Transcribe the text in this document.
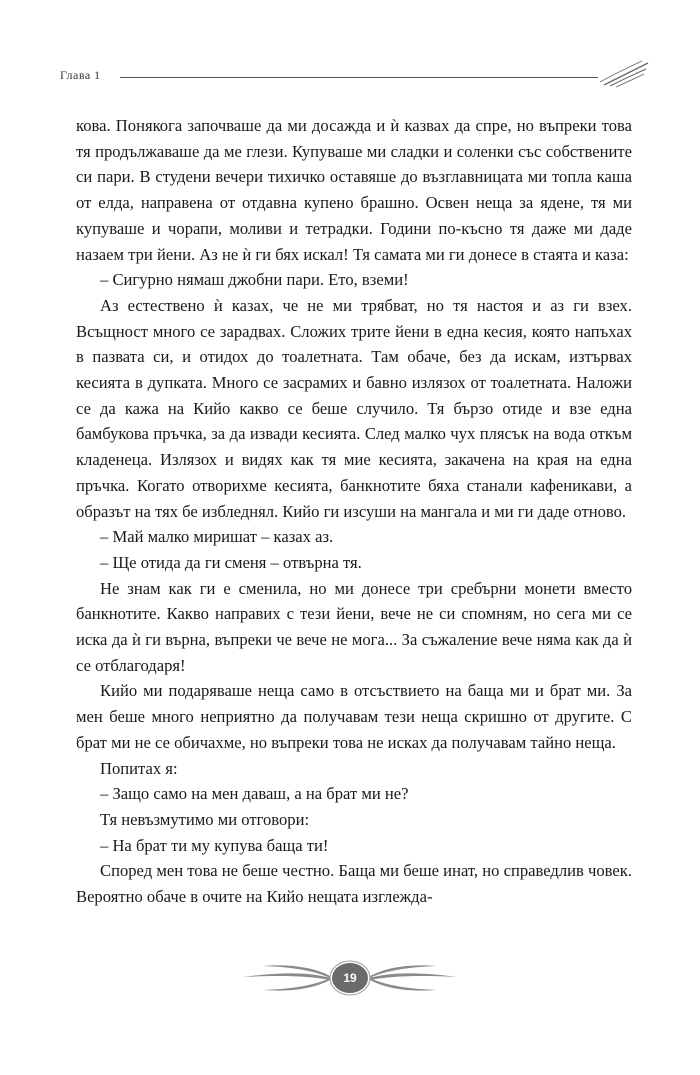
Глава 1

кова. Понякога започваше да ми досажда и ѝ казвах да спре, но въпреки това тя продължаваше да ме глези. Купуваше ми сладки и соленки със собствените си пари. В студени вечери тихичко оставяше до възглавницата ми топла каша от елда, направена от отдавна купено брашно. Освен неща за ядене, тя ми купуваше и чорапи, моливи и тетрадки. Години по-късно тя даже ми даде назаем три йени. Аз не ѝ ги бях искал! Тя самата ми ги донесе в стаята и каза:

– Сигурно нямаш джобни пари. Ето, вземи!

Аз естествено ѝ казах, че не ми трябват, но тя настоя и аз ги взех. Всъщност много се зарадвах. Сложих трите йени в една кесия, която напъхах в пазвата си, и отидох до тоалетната. Там обаче, без да искам, изтървах кесията в дупката. Много се засрамих и бавно излязох от тоалетната. Наложи се да кажа на Кийо какво се беше случило. Тя бързо отиде и взе една бамбукова пръчка, за да извади кесията. След малко чух плясък на вода откъм кладенеца. Излязох и видях как тя мие кесията, закачена на края на една пръчка. Когато отворихме кесията, банкнотите бяха станали кафеникави, а образът на тях бе избледнял. Кийо ги изсуши на мангала и ми ги даде отново.

– Май малко миришат – казах аз.

– Ще отида да ги сменя – отвърна тя.

Не знам как ги е сменила, но ми донесе три сребърни монети вместо банкнотите. Какво направих с тези йени, вече не си спомням, но сега ми се иска да ѝ ги върна, въпреки че вече не мога... За съжаление вече няма как да ѝ се отблагодаря!

Кийо ми подаряваше неща само в отсъствието на баща ми и брат ми. За мен беше много неприятно да получавам тези неща скришно от другите. С брат ми не се обичахме, но въпреки това не исках да получавам тайно неща.

Попитах я:

– Защо само на мен даваш, а на брат ми не?

Тя невъзмутимо ми отговори:

– На брат ти му купува баща ти!

Според мен това не беше честно. Баща ми беше инат, но справедлив човек. Вероятно обаче в очите на Кийо нещата изглежда-

19
